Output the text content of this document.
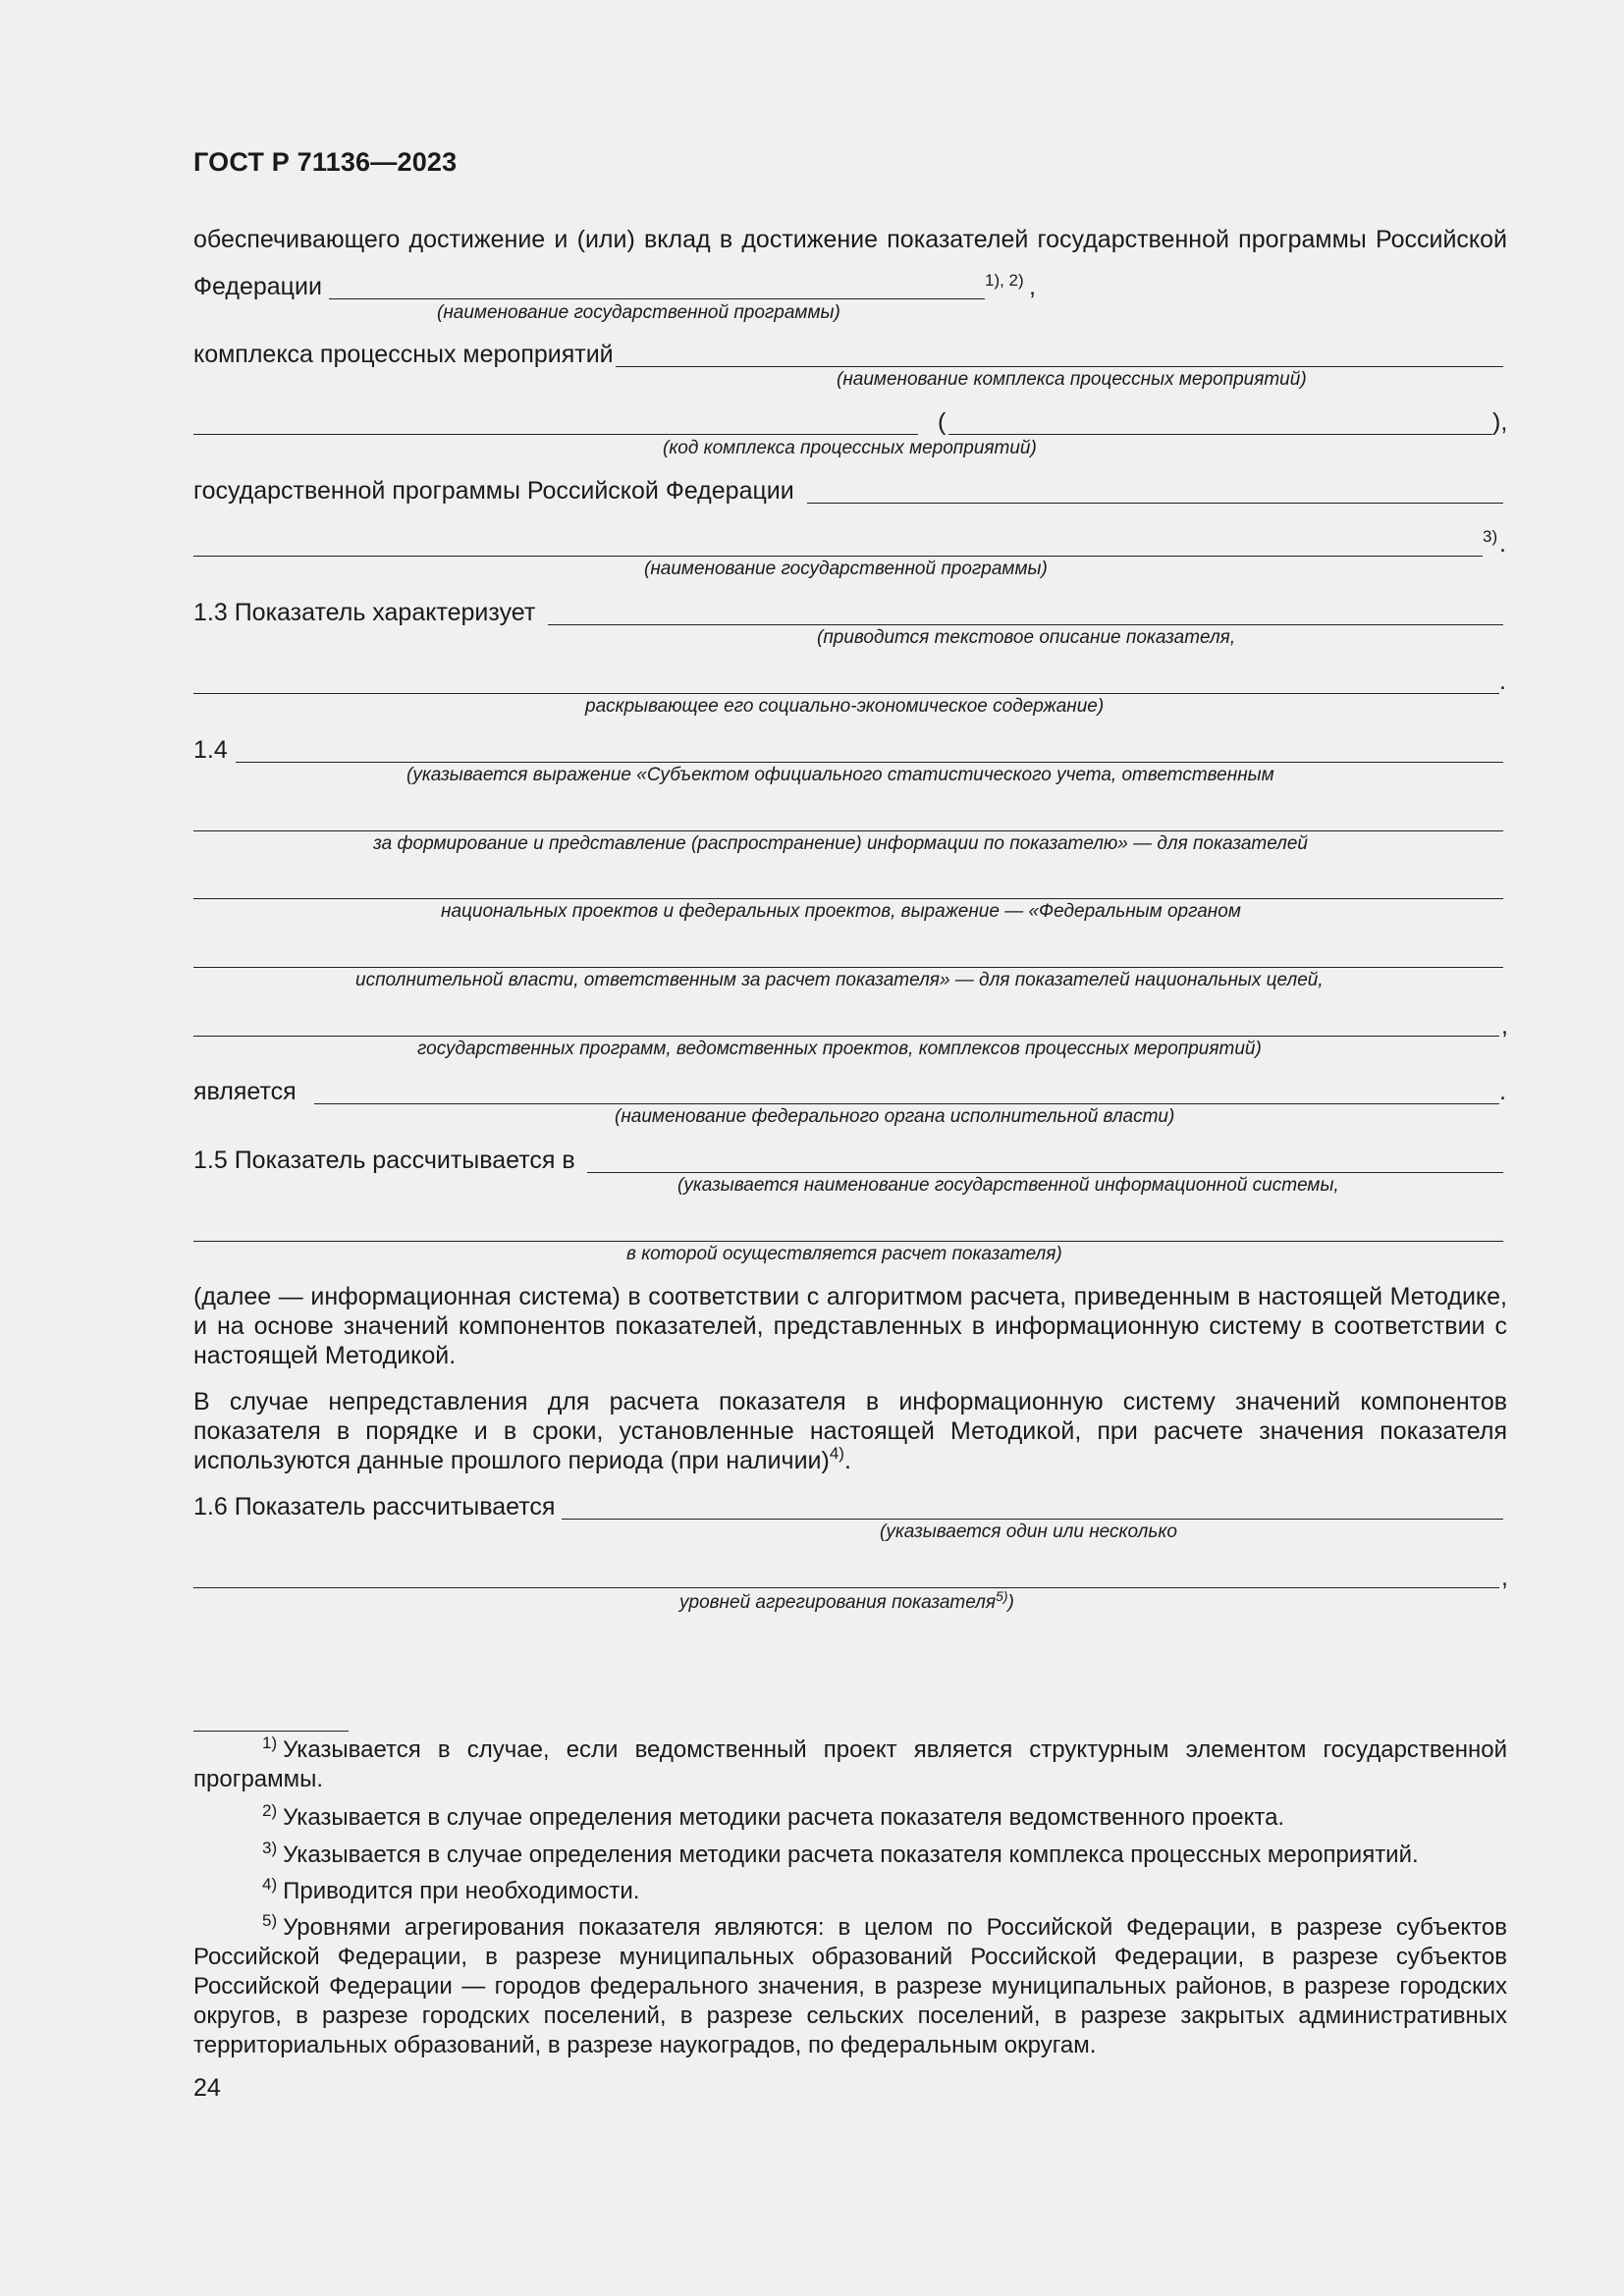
ГОСТ Р 71136—2023
обеспечивающего достижение и (или) вклад в достижение показателей государственной программы Российской
Федерации	1), 2) ,
(наименование государственной программы)
комплекса процессных мероприятий
(наименование комплекса процессных мероприятий)
(	),
(код комплекса процессных мероприятий)
государственной программы Российской Федерации
3) .
(наименование государственной программы)
1.3 Показатель характеризует
(приводится текстовое описание показателя,
.
раскрывающее его социально-экономическое содержание)
1.4
(указывается выражение «Субъектом официального статистического учета, ответственным
за формирование и представление (распространение) информации по показателю» — для показателей
национальных проектов и федеральных проектов, выражение — «Федеральным органом
исполнительной власти, ответственным за расчет показателя» — для показателей национальных целей,
,
государственных программ, ведомственных проектов, комплексов процессных мероприятий)
является	.
(наименование федерального органа исполнительной власти)
1.5 Показатель рассчитывается в
(указывается наименование государственной информационной системы,
в которой осуществляется расчет показателя)
(далее — информационная система) в соответствии с алгоритмом расчета, приведенным в настоящей Методике, и на основе значений компонентов показателей, представленных в информационную систему в соответствии с настоящей Методикой.
В случае непредставления для расчета показателя в информационную систему значений компонентов показателя в порядке и в сроки, установленные настоящей Методикой, при расчете значения показателя используются данные прошлого периода (при наличии)$^{4)}$.
1.6 Показатель рассчитывается
(указывается один или несколько
,
уровней агрегирования показателя$^{5)}$)
$^{1)}$ Указывается в случае, если ведомственный проект является структурным элементом государственной программы.
$^{2)}$ Указывается в случае определения методики расчета показателя ведомственного проекта.
$^{3)}$ Указывается в случае определения методики расчета показателя комплекса процессных мероприятий.
$^{4)}$ Приводится при необходимости.
$^{5)}$ Уровнями агрегирования показателя являются: в целом по Российской Федерации, в разрезе субъектов Российской Федерации, в разрезе муниципальных образований Российской Федерации, в разрезе субъектов Российской Федерации — городов федерального значения, в разрезе муниципальных районов, в разрезе городских округов, в разрезе городских поселений, в разрезе сельских поселений, в разрезе закрытых административных территориальных образований, в разрезе наукоградов, по федеральным округам.
24
